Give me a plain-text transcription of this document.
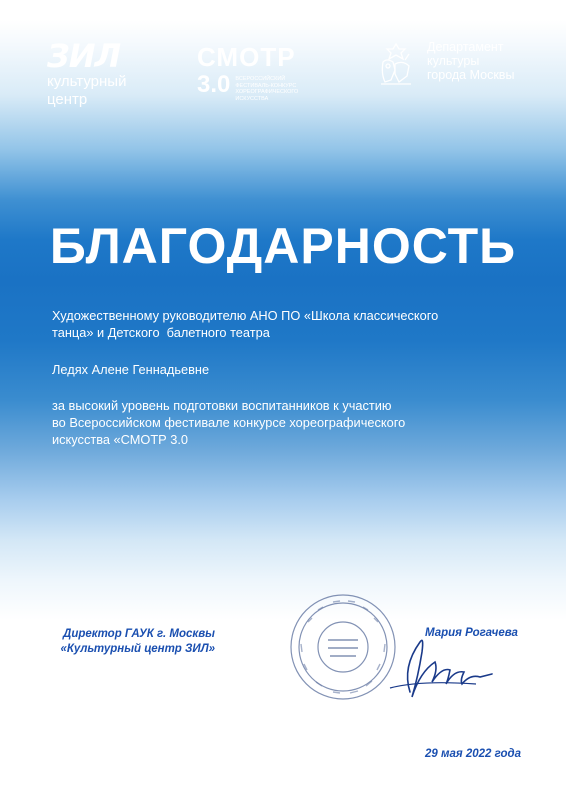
ЗИЛ
культурный
центр
СМОТР
3.0 ВСЕРОССИЙСКИЙ ФЕСТИВАЛЬ-КОНКУРС ХОРЕОГРАФИЧЕСКОГО ИСКУССТВА
Департамент
культуры
города Москвы
БЛАГОДАРНОСТЬ
Художественному руководителю АНО ПО «Школа классического
танца» и Детского  балетного театра
Ледях Алене Геннадьевне
за высокий уровень подготовки воспитанников к участию
во Всероссийском фестивале конкурсе хореографического
искусства «СМОТР 3.0
Директор ГАУК г. Москвы
«Культурный центр ЗИЛ»
Мария Рогачева
29 мая 2022 года
